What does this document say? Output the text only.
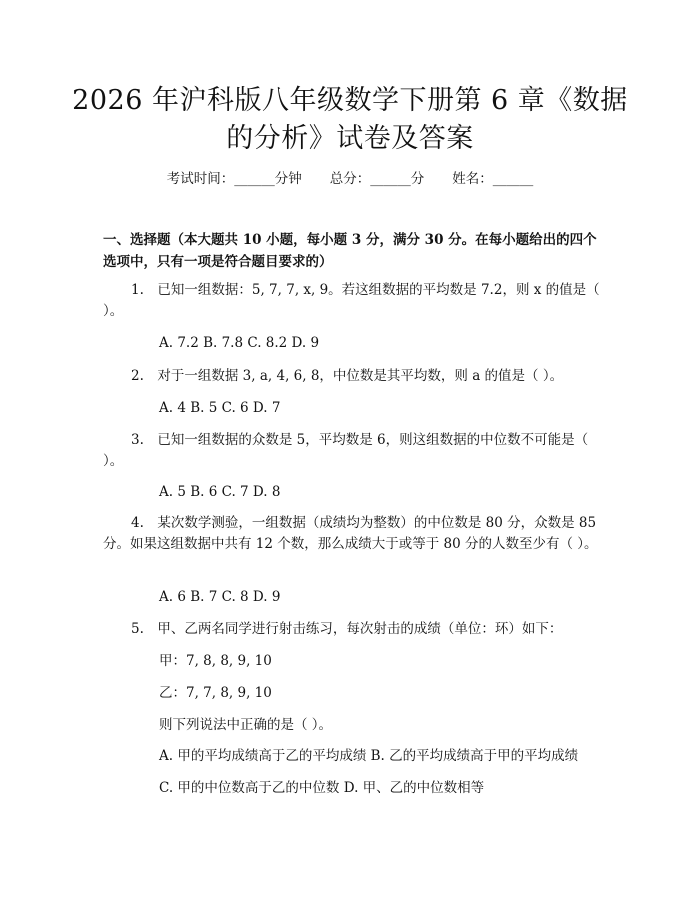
2026 年沪科版八年级数学下册第 6 章《数据的分析》试卷及答案
考试时间：______分钟 总分：______分 姓名：______
一、选择题（本大题共 10 小题，每小题 3 分，满分 30 分。在每小题给出的四个选项中，只有一项是符合题目要求的）
1.　已知一组数据：5, 7, 7, x, 9。若这组数据的平均数是 7.2，则 x 的值是（ ）。
A. 7.2 B. 7.8 C. 8.2 D. 9
2.　对于一组数据 3, a, 4, 6, 8，中位数是其平均数，则 a 的值是（ ）。
A. 4 B. 5 C. 6 D. 7
3.　已知一组数据的众数是 5，平均数是 6，则这组数据的中位数不可能是（ ）。
A. 5 B. 6 C. 7 D. 8
4.　某次数学测验，一组数据（成绩均为整数）的中位数是 80 分，众数是 85 分。如果这组数据中共有 12 个数，那么成绩大于或等于 80 分的人数至少有（ ）。
A. 6 B. 7 C. 8 D. 9
5.　甲、乙两名同学进行射击练习，每次射击的成绩（单位：环）如下：
甲：7, 8, 8, 9, 10
乙：7, 7, 8, 9, 10
则下列说法中正确的是（ ）。
A. 甲的平均成绩高于乙的平均成绩 B. 乙的平均成绩高于甲的平均成绩
C. 甲的中位数高于乙的中位数 D. 甲、乙的中位数相等
